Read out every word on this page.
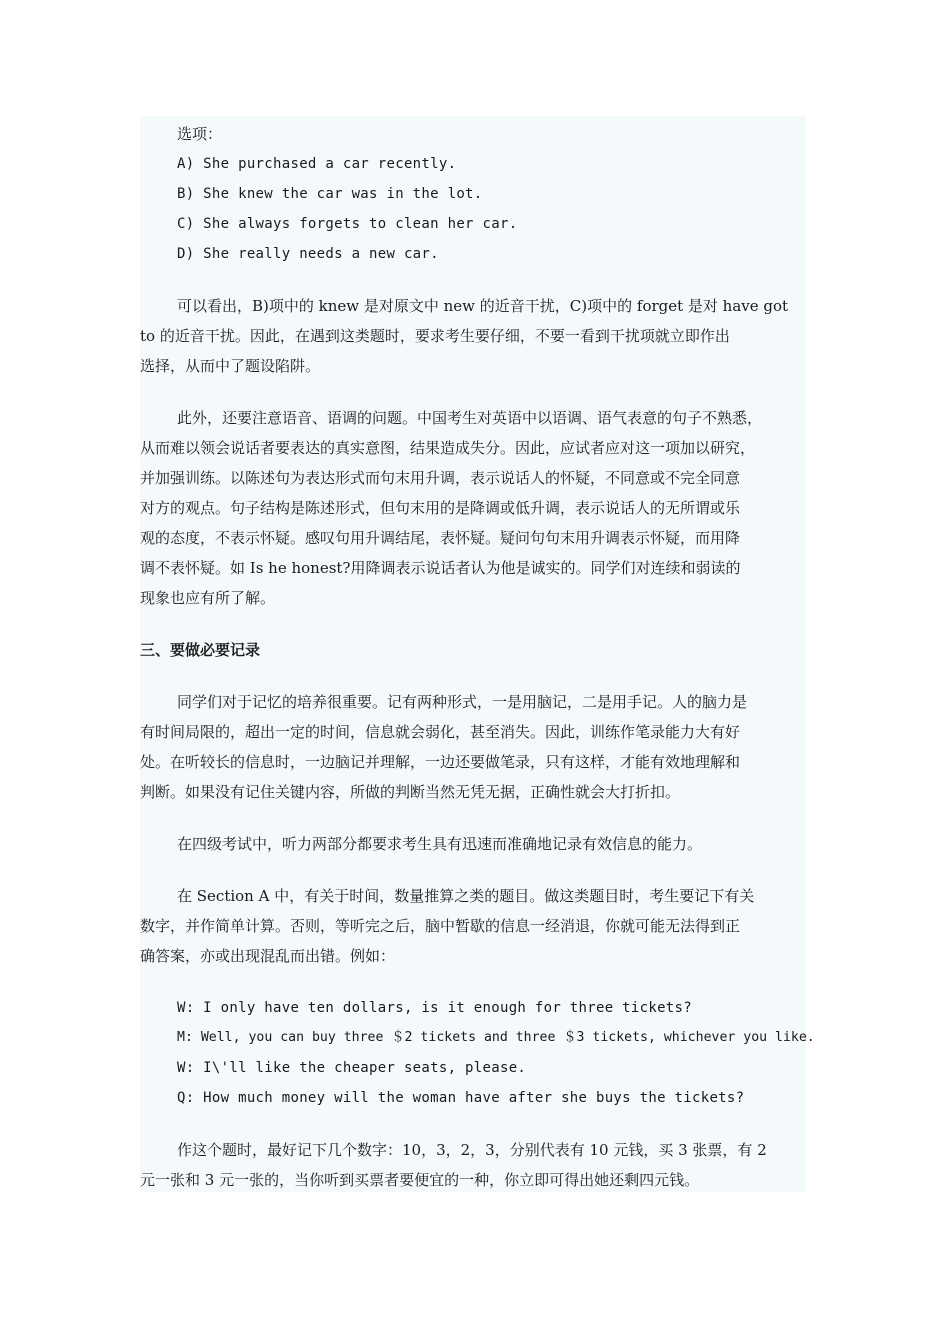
选项：
A) She purchased a car recently.
B) She knew the car was in the lot.
C) She always forgets to clean her car.
D) She really needs a new car.
可以看出，B)项中的 knew 是对原文中 new 的近音干扰，C)项中的 forget 是对 have got
to 的近音干扰。因此，在遇到这类题时，要求考生要仔细，不要一看到干扰项就立即作出
选择，从而中了题设陷阱。
此外，还要注意语音、语调的问题。中国考生对英语中以语调、语气表意的句子不熟悉，
从而难以领会说话者要表达的真实意图，结果造成失分。因此，应试者应对这一项加以研究，
并加强训练。以陈述句为表达形式而句末用升调，表示说话人的怀疑，不同意或不完全同意
对方的观点。句子结构是陈述形式，但句末用的是降调或低升调，表示说话人的无所谓或乐
观的态度，不表示怀疑。感叹句用升调结尾，表怀疑。疑问句句末用升调表示怀疑，而用降
调不表怀疑。如 Is he honest?用降调表示说话者认为他是诚实的。同学们对连续和弱读的
现象也应有所了解。
三、要做必要记录
同学们对于记忆的培养很重要。记有两种形式，一是用脑记，二是用手记。人的脑力是
有时间局限的，超出一定的时间，信息就会弱化，甚至消失。因此，训练作笔录能力大有好
处。在听较长的信息时，一边脑记并理解，一边还要做笔录，只有这样，才能有效地理解和
判断。如果没有记住关键内容，所做的判断当然无凭无据，正确性就会大打折扣。
在四级考试中，听力两部分都要求考生具有迅速而准确地记录有效信息的能力。
在 Section A 中，有关于时间，数量推算之类的题目。做这类题目时，考生要记下有关
数字，并作简单计算。否则，等听完之后，脑中暂歇的信息一经消退，你就可能无法得到正
确答案，亦或出现混乱而出错。例如：
W: I only have ten dollars, is it enough for three tickets?
M: Well, you can buy three ＄2 tickets and three ＄3 tickets, whichever you like.
W: I\'ll like the cheaper seats, please.
Q: How much money will the woman have after she buys the tickets?
作这个题时，最好记下几个数字：10，3，2，3，分别代表有 10 元钱，买 3 张票，有 2
元一张和 3 元一张的，当你听到买票者要便宜的一种，你立即可得出她还剩四元钱。
